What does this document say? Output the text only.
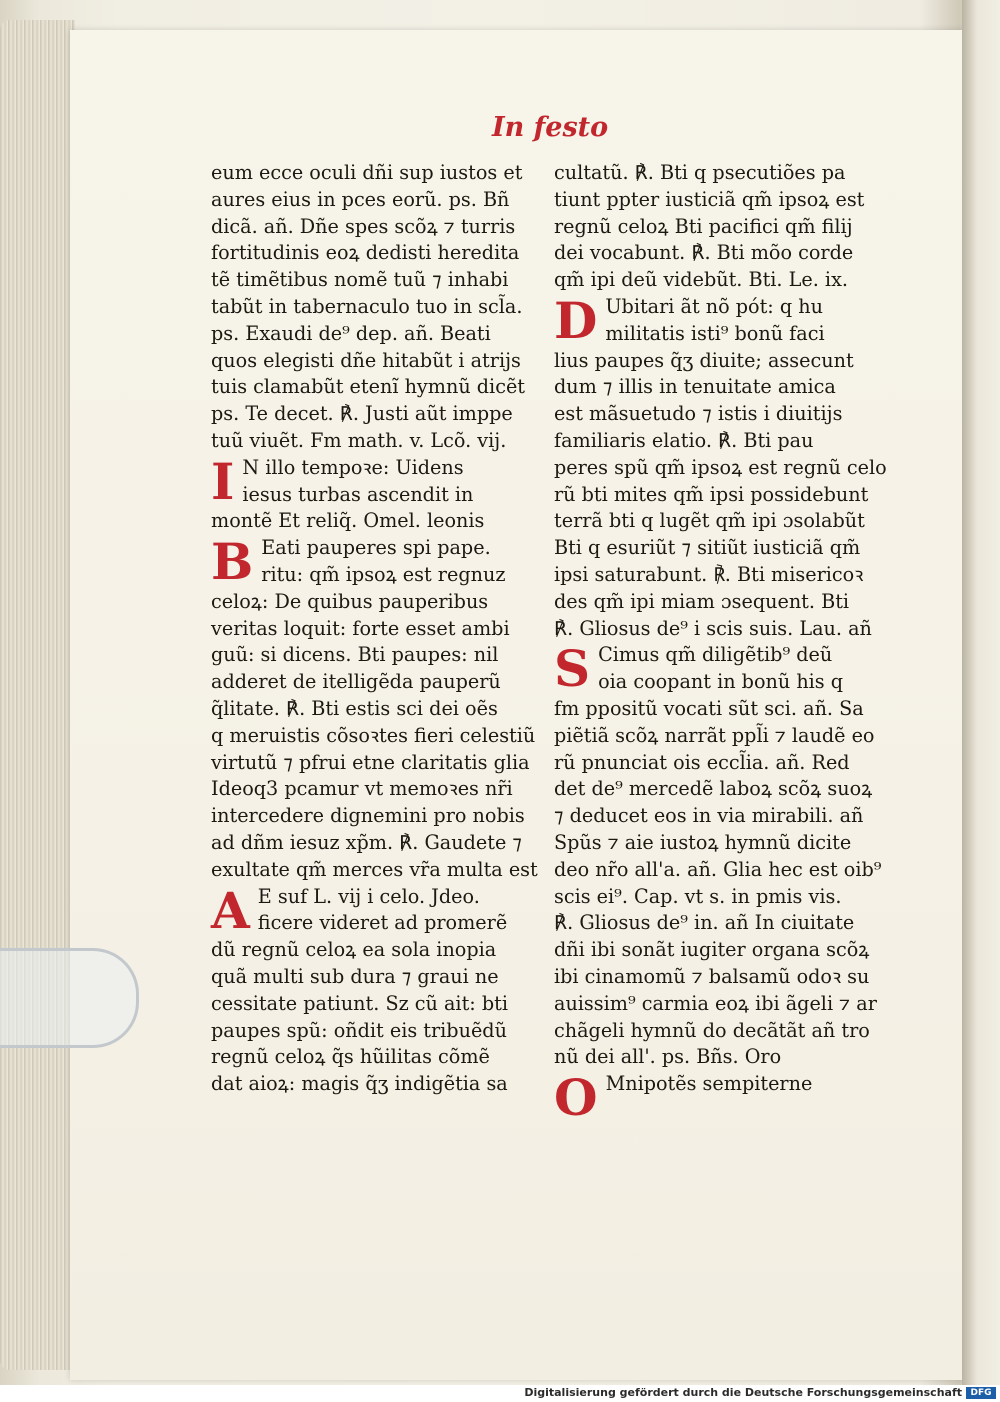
In festo
eum ecce oculi dñi sup iustos et
aures eius in pces eorũ. ps. Bñ
dicã. añ. Dñe spes scõꝝ ⁊ turris
fortitudinis eoꝝ dedisti hereditа
tẽ timẽtibus nomẽ tuũ ⁊ inhabi
tabũt in tabernaculo tuo in scl̃a.
ps. Exaudi de⁹ dep. añ. Beati
quos elegisti dñe hitabũt i atrijs
tuis clamabũt etenĩ hymnũ dicẽt
ps. Te decet. ℟. Justi aũt imppe
tuũ viuẽt. Fm math. v. Lcõ. vij.
I N illo tempoꝛe: Uidens
iesus turbas ascendit in
montẽ Et reliq̃. Omel. leonis
B Eati pauperes spi pape.
ritu: qm̃ ipsoꝝ est regnuz
celoꝝ: De quibus pauperibus
veritas loquit: forte esset ambi
guũ: si dicens. Bti paupes: nil
adderet de itelligẽda pauperũ
q̃litate. ℟. Bti estis sci dei oẽs
q meruistis cõsoꝛtes fieri celestiũ
virtutũ ⁊ pfrui etne claritatis glia
Ideoq3 pcamur vt memoꝛes nr̃i
intercedere dignemini pro nobis
ad dñm iesuz xp̃m. ℟. Gaudete ⁊
exultate qm̃ merces vr̃a multa est
A E suf L. vij i celo. Jdeo.
ficere videret ad promerẽ
dũ regnũ celoꝝ ea sola inopia
quã multi sub dura ⁊ graui ne
cessitate patiunt. Sz cũ ait: bti
paupes spũ: oñdit eis tribuẽdũ
regnũ celoꝝ q̃s hũilitas cõmẽ
dat aioꝝ: magis q̃ʒ indigẽtia sa
cultatũ. ℟. Bti q psecutiões pa
tiunt ppter iusticiã qm̃ ipsoꝝ est
regnũ celoꝝ Bti pacifici qm̃ filij
dei vocabunt. ℟. Bti mõo corde
qm̃ ipi deũ videbũt. Bti. Le. ix.
D Ubitari ãt nõ pót: q hu
militatis isti⁹ bonũ faci
lius paupes q̃ʒ diuite; assecunt
dum ⁊ illis in tenuitate amica
est mãsuetudo ⁊ istis i diuitijs
familiaris elatio. ℟. Bti pau
peres spũ qm̃ ipsoꝝ est regnũ celo
rũ bti mites qm̃ ipsi possidebunt
terrã bti q lugẽt qm̃ ipi ɔsolabũt
Bti q esuriũt ⁊ sitiũt iusticiã qm̃
ipsi saturabunt. ℟. Bti misericoꝛ
des qm̃ ipi miam ɔsequent. Bti
℟. Gliosus de⁹ i scis suis. Lau. añ
S Cimus qm̃ diligẽtib⁹ deũ
oia coopant in bonũ his q
fm ppositũ vocati sũt sci. añ. Sa
piẽtiã scõꝝ narrãt ppl̃i ⁊ laudẽ eo
rũ pnunciat ois eccl̃ia. añ. Red
det de⁹ mercedẽ laboꝝ scõꝝ suoꝝ
⁊ deducet eos in via mirabili. añ
Spũs ⁊ aie iustoꝝ hymnũ dicite
deo nr̃o all'a. añ. Glia hec est oib⁹
scis ei⁹. Cap. vt s. in pmis vis.
℟. Gliosus de⁹ in. añ In ciuitate
dñi ibi sonãt iugiter organa scõꝝ
ibi cinamomũ ⁊ balsamũ odoꝛ su
auissim⁹ carmia eoꝝ ibi ãgeli ⁊ ar
chãgeli hymnũ do decãtãt añ tro
nũ dei all'. ps. Bñs. Oro
O Mnipotẽs sempiterne
Digitalisierung gefördert durch die Deutsche Forschungsgemeinschaft DFG
